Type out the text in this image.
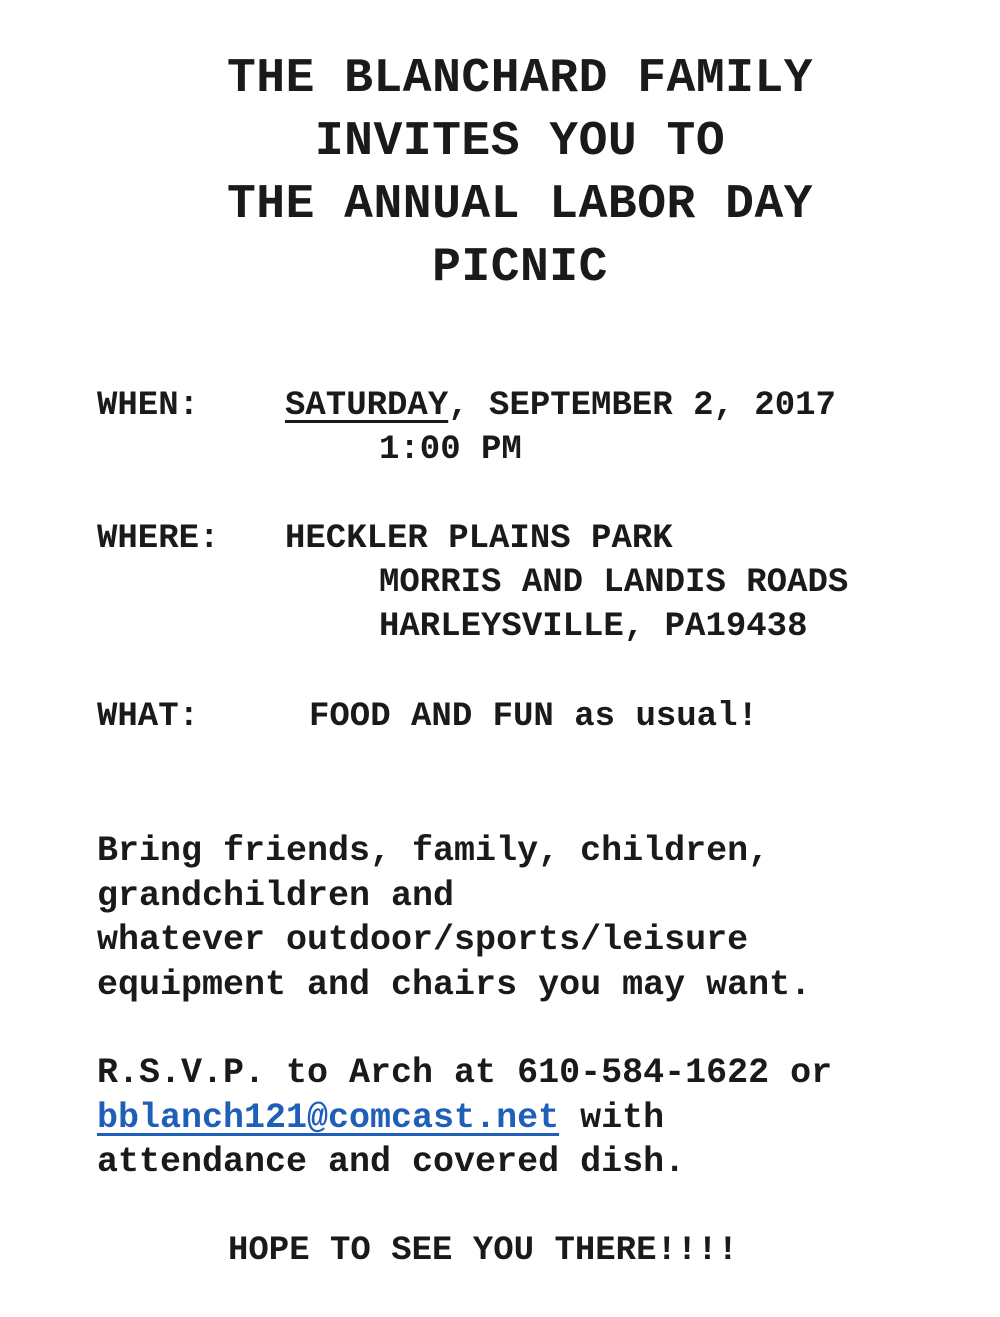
THE BLANCHARD FAMILY
INVITES YOU TO
THE ANNUAL LABOR DAY
PICNIC
WHEN:	SATURDAY, SEPTEMBER 2, 2017
1:00 PM
WHERE: HECKLER PLAINS PARK
MORRIS AND LANDIS ROADS
HARLEYSVILLE, PA19438
WHAT:	FOOD AND FUN as usual!
Bring friends, family, children,
grandchildren and
whatever outdoor/sports/leisure
equipment and chairs you may want.
R.S.V.P. to Arch at 610-584-1622 or
bblanch121@comcast.net with
attendance and covered dish.
HOPE TO SEE YOU THERE!!!!
